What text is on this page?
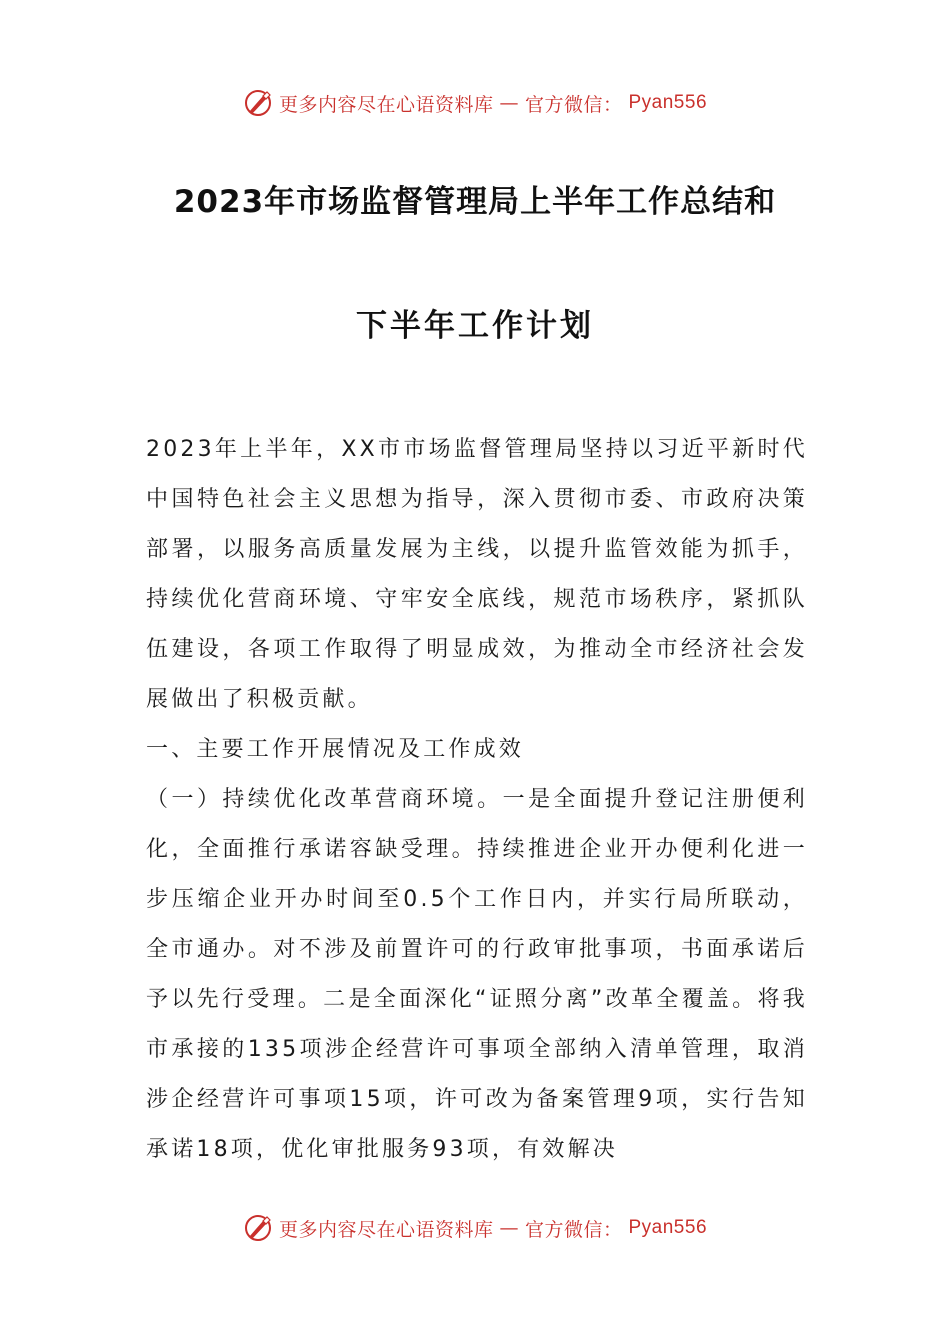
更多内容尽在心语资料库 — 官方微信： Pyan556
2023年市场监督管理局上半年工作总结和
下半年工作计划

2023年上半年，XX市市场监督管理局坚持以习近平新时代中国特色社会主义思想为指导，深入贯彻市委、市政府决策部署，以服务高质量发展为主线，以提升监管效能为抓手，持续优化营商环境、守牢安全底线，规范市场秩序，紧抓队伍建设，各项工作取得了明显成效，为推动全市经济社会发展做出了积极贡献。

一、主要工作开展情况及工作成效

（一）持续优化改革营商环境。一是全面提升登记注册便利化，全面推行承诺容缺受理。持续推进企业开办便利化进一步压缩企业开办时间至0.5个工作日内，并实行局所联动，全市通办。对不涉及前置许可的行政审批事项，书面承诺后予以先行受理。二是全面深化“证照分离”改革全覆盖。将我市承接的135项涉企经营许可事项全部纳入清单管理，取消涉企经营许可事项15项，许可改为备案管理9项，实行告知承诺18项，优化审批服务93项，有效解决

更多内容尽在心语资料库 — 官方微信： Pyan556
